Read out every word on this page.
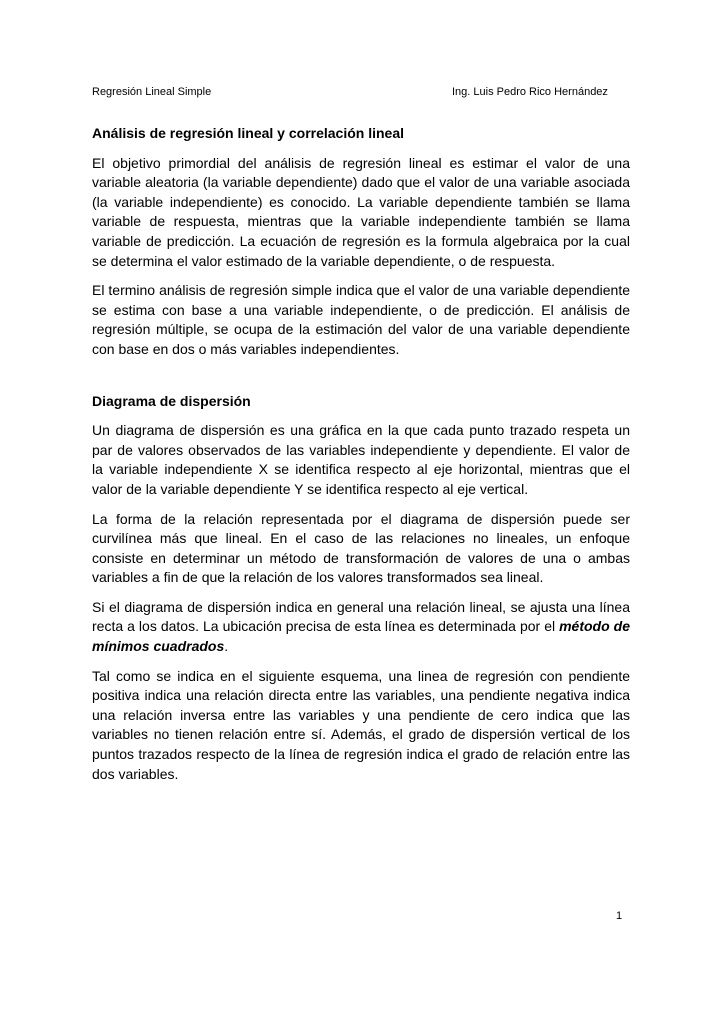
Regresión Lineal Simple	Ing. Luis Pedro Rico Hernández
Análisis de regresión lineal y correlación lineal

El objetivo primordial del análisis de regresión lineal es estimar el valor de una variable aleatoria (la variable dependiente) dado que el valor de una variable asociada (la variable independiente) es conocido. La variable dependiente también se llama variable de respuesta, mientras que la variable independiente también se llama variable de predicción. La ecuación de regresión es la formula algebraica por la cual se determina el valor estimado de la variable dependiente, o de respuesta.

El termino análisis de regresión simple indica que el valor de una variable dependiente se estima con base a una variable independiente, o de predicción. El análisis de regresión múltiple, se ocupa de la estimación del valor de una variable dependiente con base en dos o más variables independientes.

Diagrama de dispersión

Un diagrama de dispersión es una gráfica en la que cada punto trazado respeta un par de valores observados de las variables independiente y dependiente. El valor de la variable independiente X se identifica respecto al eje horizontal, mientras que el valor de la variable dependiente Y se identifica respecto al eje vertical.

La forma de la relación representada por el diagrama de dispersión puede ser curvilínea más que lineal. En el caso de las relaciones no lineales, un enfoque consiste en determinar un método de transformación de valores de una o ambas variables a fin de que la relación de los valores transformados sea lineal.

Si el diagrama de dispersión indica en general una relación lineal, se ajusta una línea recta a los datos. La ubicación precisa de esta línea es determinada por el método de mínimos cuadrados.

Tal como se indica en el siguiente esquema, una linea de regresión con pendiente positiva indica una relación directa entre las variables, una pendiente negativa indica una relación inversa entre las variables y una pendiente de cero indica que las variables no tienen relación entre sí. Además, el grado de dispersión vertical de los puntos trazados respecto de la línea de regresión indica el grado de relación entre las dos variables.

1
